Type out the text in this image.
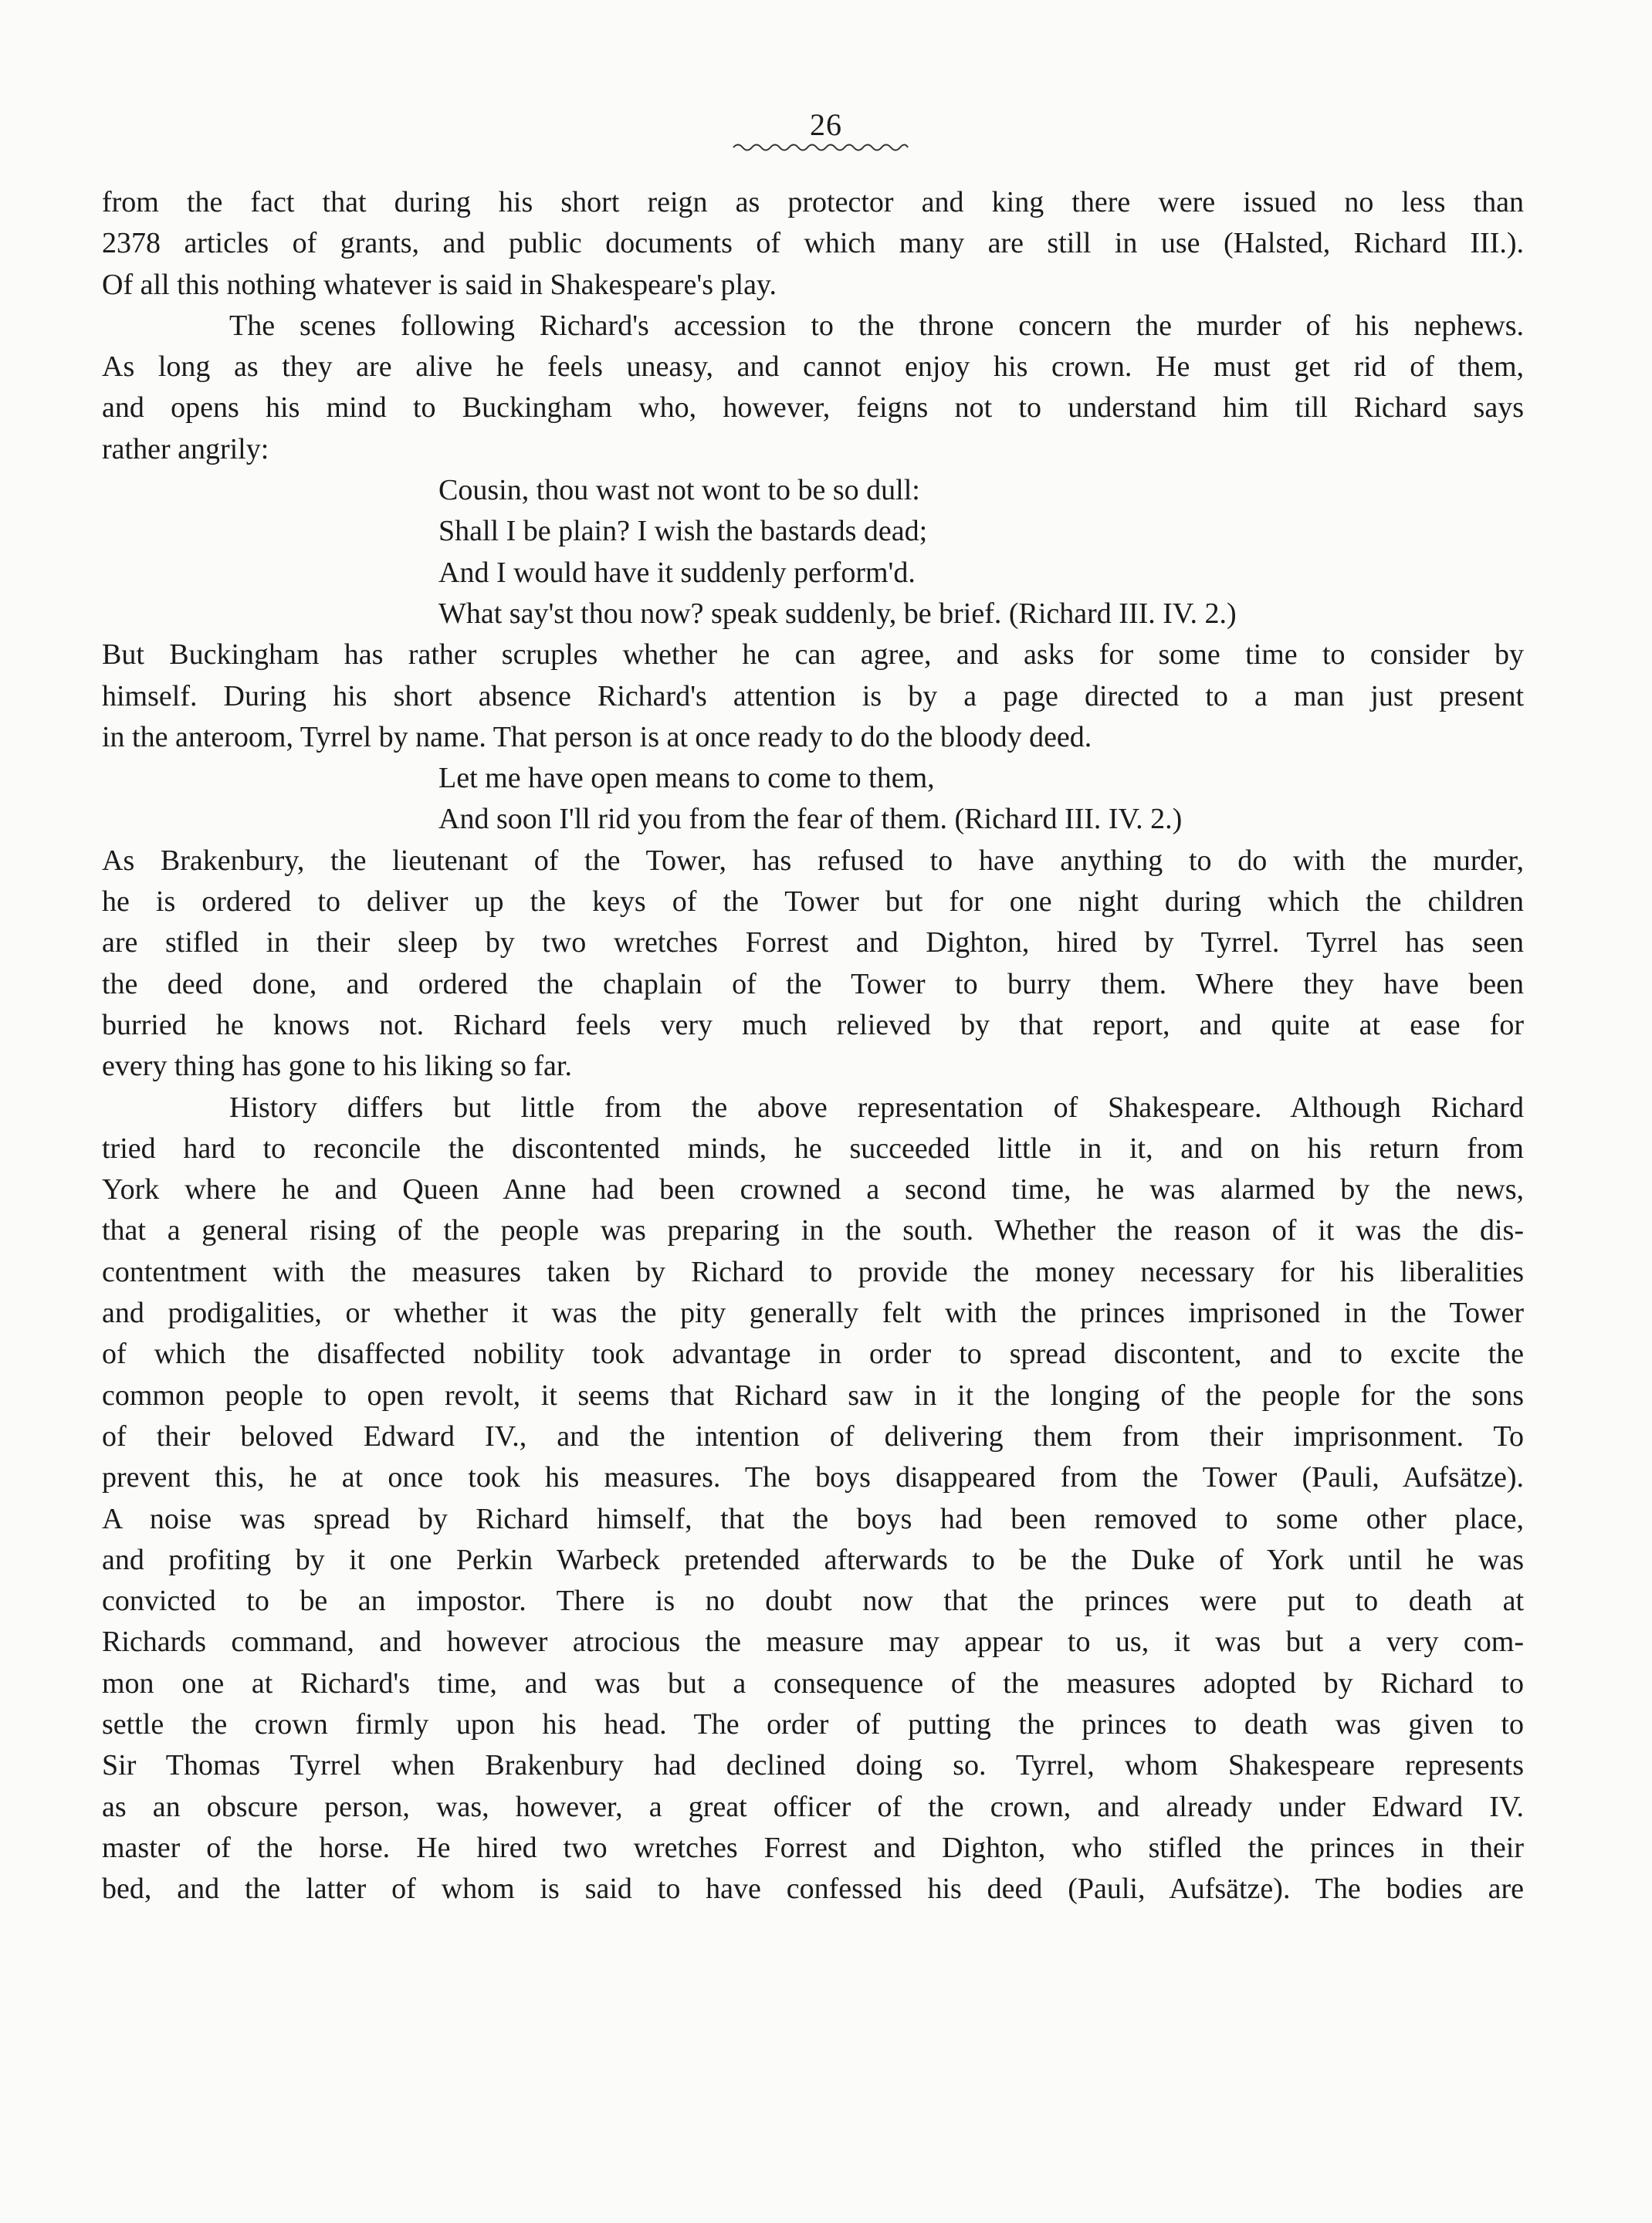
26
from the fact that during his short reign as protector and king there were issued no less than
2378 articles of grants, and public documents of which many are still in use (Halsted, Richard III.).
Of all this nothing whatever is said in Shakespeare's play.
The scenes following Richard's accession to the throne concern the murder of his nephews.
As long as they are alive he feels uneasy, and cannot enjoy his crown. He must get rid of them,
and opens his mind to Buckingham who, however, feigns not to understand him till Richard says
rather angrily:
Cousin, thou wast not wont to be so dull:
Shall I be plain? I wish the bastards dead;
And I would have it suddenly perform'd.
What say'st thou now? speak suddenly, be brief. (Richard III. IV. 2.)
But Buckingham has rather scruples whether he can agree, and asks for some time to consider by
himself. During his short absence Richard's attention is by a page directed to a man just present
in the anteroom, Tyrrel by name. That person is at once ready to do the bloody deed.
Let me have open means to come to them,
And soon I'll rid you from the fear of them. (Richard III. IV. 2.)
As Brakenbury, the lieutenant of the Tower, has refused to have anything to do with the murder,
he is ordered to deliver up the keys of the Tower but for one night during which the children
are stifled in their sleep by two wretches Forrest and Dighton, hired by Tyrrel. Tyrrel has seen
the deed done, and ordered the chaplain of the Tower to burry them. Where they have been
burried he knows not. Richard feels very much relieved by that report, and quite at ease for
every thing has gone to his liking so far.
History differs but little from the above representation of Shakespeare. Although Richard
tried hard to reconcile the discontented minds, he succeeded little in it, and on his return from
York where he and Queen Anne had been crowned a second time, he was alarmed by the news,
that a general rising of the people was preparing in the south. Whether the reason of it was the dis-
contentment with the measures taken by Richard to provide the money necessary for his liberalities
and prodigalities, or whether it was the pity generally felt with the princes imprisoned in the Tower
of which the disaffected nobility took advantage in order to spread discontent, and to excite the
common people to open revolt, it seems that Richard saw in it the longing of the people for the sons
of their beloved Edward IV., and the intention of delivering them from their imprisonment. To
prevent this, he at once took his measures. The boys disappeared from the Tower (Pauli, Aufsätze).
A noise was spread by Richard himself, that the boys had been removed to some other place,
and profiting by it one Perkin Warbeck pretended afterwards to be the Duke of York until he was
convicted to be an impostor. There is no doubt now that the princes were put to death at
Richards command, and however atrocious the measure may appear to us, it was but a very com-
mon one at Richard's time, and was but a consequence of the measures adopted by Richard to
settle the crown firmly upon his head. The order of putting the princes to death was given to
Sir Thomas Tyrrel when Brakenbury had declined doing so. Tyrrel, whom Shakespeare represents
as an obscure person, was, however, a great officer of the crown, and already under Edward IV.
master of the horse. He hired two wretches Forrest and Dighton, who stifled the princes in their
bed, and the latter of whom is said to have confessed his deed (Pauli, Aufsätze). The bodies are
